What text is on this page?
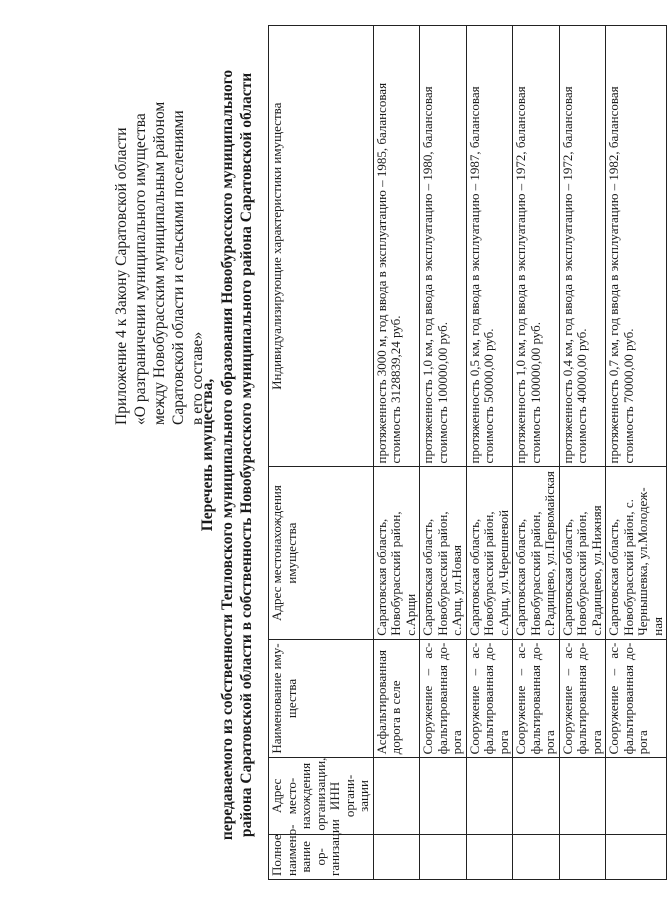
Приложение 4 к Закону Саратовской области «О разграничении муниципального имущества между Новобурасским муниципальным районом Саратовской области и сельскими поселениями в его составе»
Перечень имущества, передаваемого из собственности Тепловского муниципального образования Новобурасского муниципального района Саратовской области в собственность Новобурасского муниципального района Саратовской области
Полное наимено-вание ор-ганизации	Адрес место-нахождения организации, ИНН органи-зации	Наименование иму-щества	Адрес местонахождения имущества	Индивидуализирующие характеристики имущества
		Асфальтированная дорога в селе	Саратовская область, Новобурасский район, с.Арщи	протяженность 3000 м, год ввода в эксплуатацию – 1985, балансовая стоимость 3128839,24 руб.
		Сооружение – ас-фальтированная до-рога	Саратовская область, Новобурасский район, с.Арщ, ул.Новая	протяженность 1,0 км, год ввода в эксплуатацию – 1980, балансовая стоимость 100000,00 руб.
		Сооружение – ас-фальтированная до-рога	Саратовская область, Новобурасский район, с.Арщ, ул.Черешневой	протяженность 0,5 км, год ввода в эксплуатацию – 1987, балансовая стоимость 50000,00 руб.
		Сооружение – ас-фальтированная до-рога	Саратовская область, Новобурасский район, с.Радищево, ул.Первомайская	протяженность 1,0 км, год ввода в эксплуатацию – 1972, балансовая стоимость 100000,00 руб.
		Сооружение – ас-фальтированная до-рога	Саратовская область, Новобурасский район, с.Радищево, ул.Нижняя	протяженность 0,4 км, год ввода в эксплуатацию – 1972, балансовая стоимость 40000,00 руб.
		Сооружение – ас-фальтированная до-рога	Саратовская область, Новобурасский район, с. Чернышевка, ул.Молодеж-ная	протяженность 0,7 км, год ввода в эксплуатацию – 1982, балансовая стоимость 70000,00 руб.
